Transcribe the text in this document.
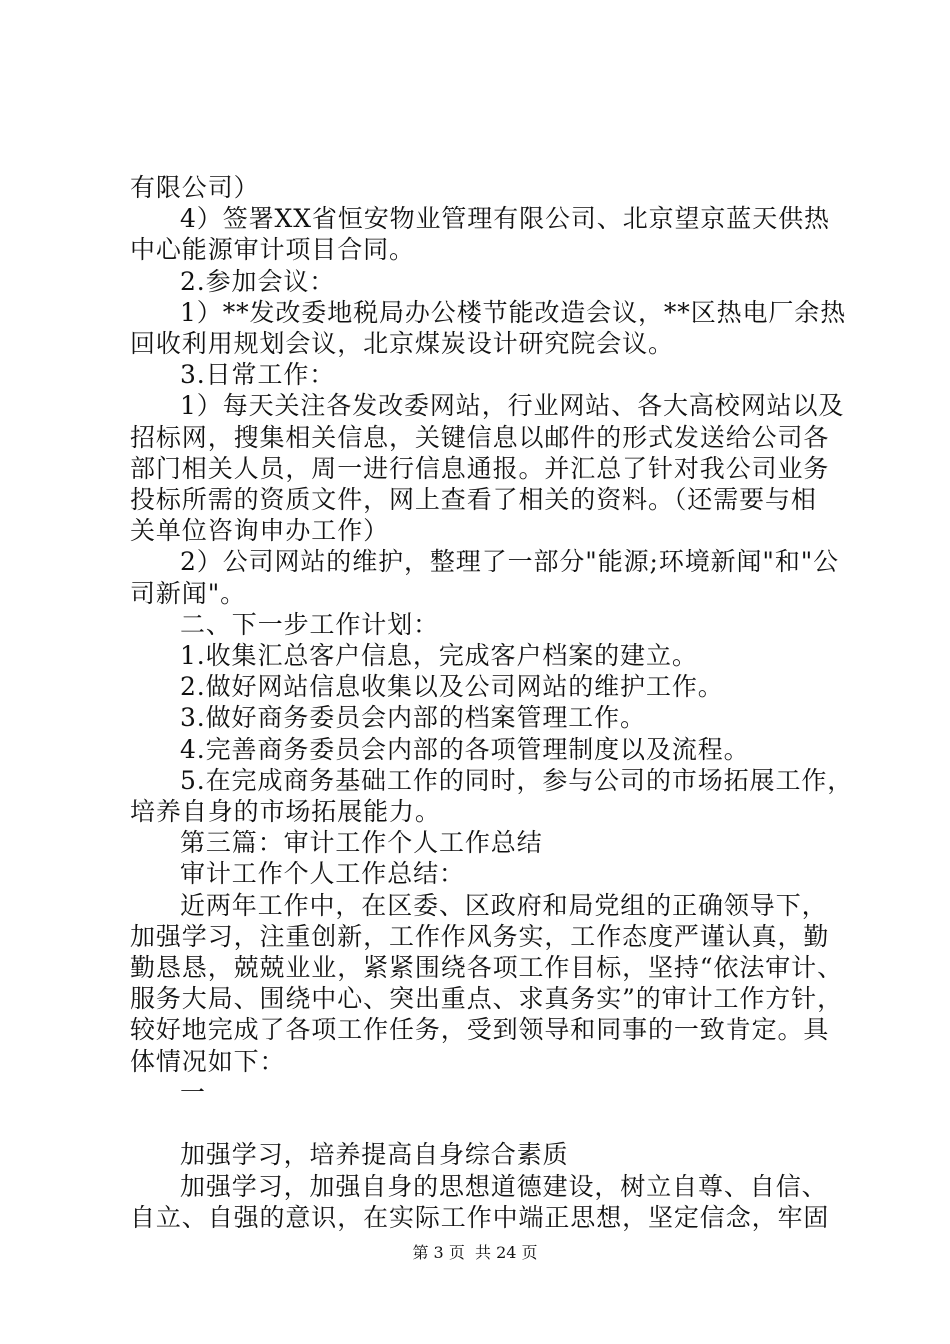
有限公司）
4）签署XX省恒安物业管理有限公司、北京望京蓝天供热
中心能源审计项目合同。
2.参加会议：
1）**发改委地税局办公楼节能改造会议，**区热电厂余热
回收利用规划会议，北京煤炭设计研究院会议。
3.日常工作：
1）每天关注各发改委网站，行业网站、各大高校网站以及
招标网，搜集相关信息，关键信息以邮件的形式发送给公司各
部门相关人员，周一进行信息通报。并汇总了针对我公司业务
投标所需的资质文件，网上查看了相关的资料。（还需要与相
关单位咨询申办工作）
2）公司网站的维护，整理了一部分"能源;环境新闻"和"公
司新闻"。
二、下一步工作计划：
1.收集汇总客户信息，完成客户档案的建立。
2.做好网站信息收集以及公司网站的维护工作。
3.做好商务委员会内部的档案管理工作。
4.完善商务委员会内部的各项管理制度以及流程。
5.在完成商务基础工作的同时，参与公司的市场拓展工作，
培养自身的市场拓展能力。
第三篇：审计工作个人工作总结
审计工作个人工作总结：
近两年工作中，在区委、区政府和局党组的正确领导下，
加强学习，注重创新，工作作风务实，工作态度严谨认真，勤
勤恳恳，兢兢业业，紧紧围绕各项工作目标，坚持“依法审计、
服务大局、围绕中心、突出重点、求真务实”的审计工作方针，
较好地完成了各项工作任务，受到领导和同事的一致肯定。具
体情况如下：
一

加强学习，培养提高自身综合素质
加强学习，加强自身的思想道德建设，树立自尊、自信、
自立、自强的意识，在实际工作中端正思想，坚定信念，牢固
第 3 页  共 24 页
